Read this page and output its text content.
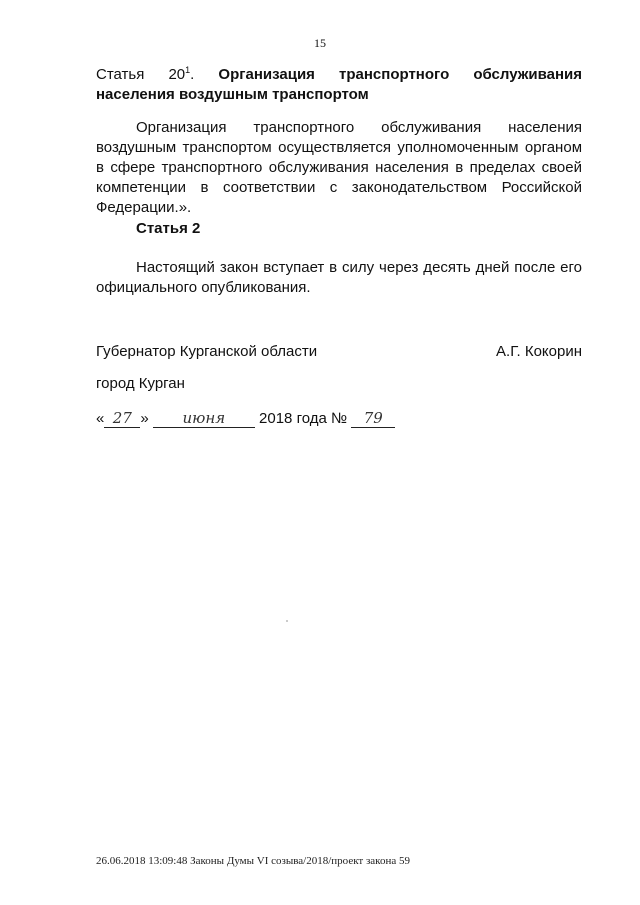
15
Статья $20^1$. Организация транспортного обслуживания
населения воздушным транспортом
Организация транспортного обслуживания населения
воздушным транспортом осуществляется уполномоченным органом
в сфере транспортного обслуживания населения в пределах своей
компетенции в соответствии с законодательством Российской
Федерации.».
Статья 2
Настоящий закон вступает в силу через десять дней после его
официального опубликования.
Губернатор Курганской области	А.Г. Кокорин
город Курган
« 27 » июня 2018 года № 79
26.06.2018 13:09:48 Законы Думы VI созыва/2018/проект закона 59
